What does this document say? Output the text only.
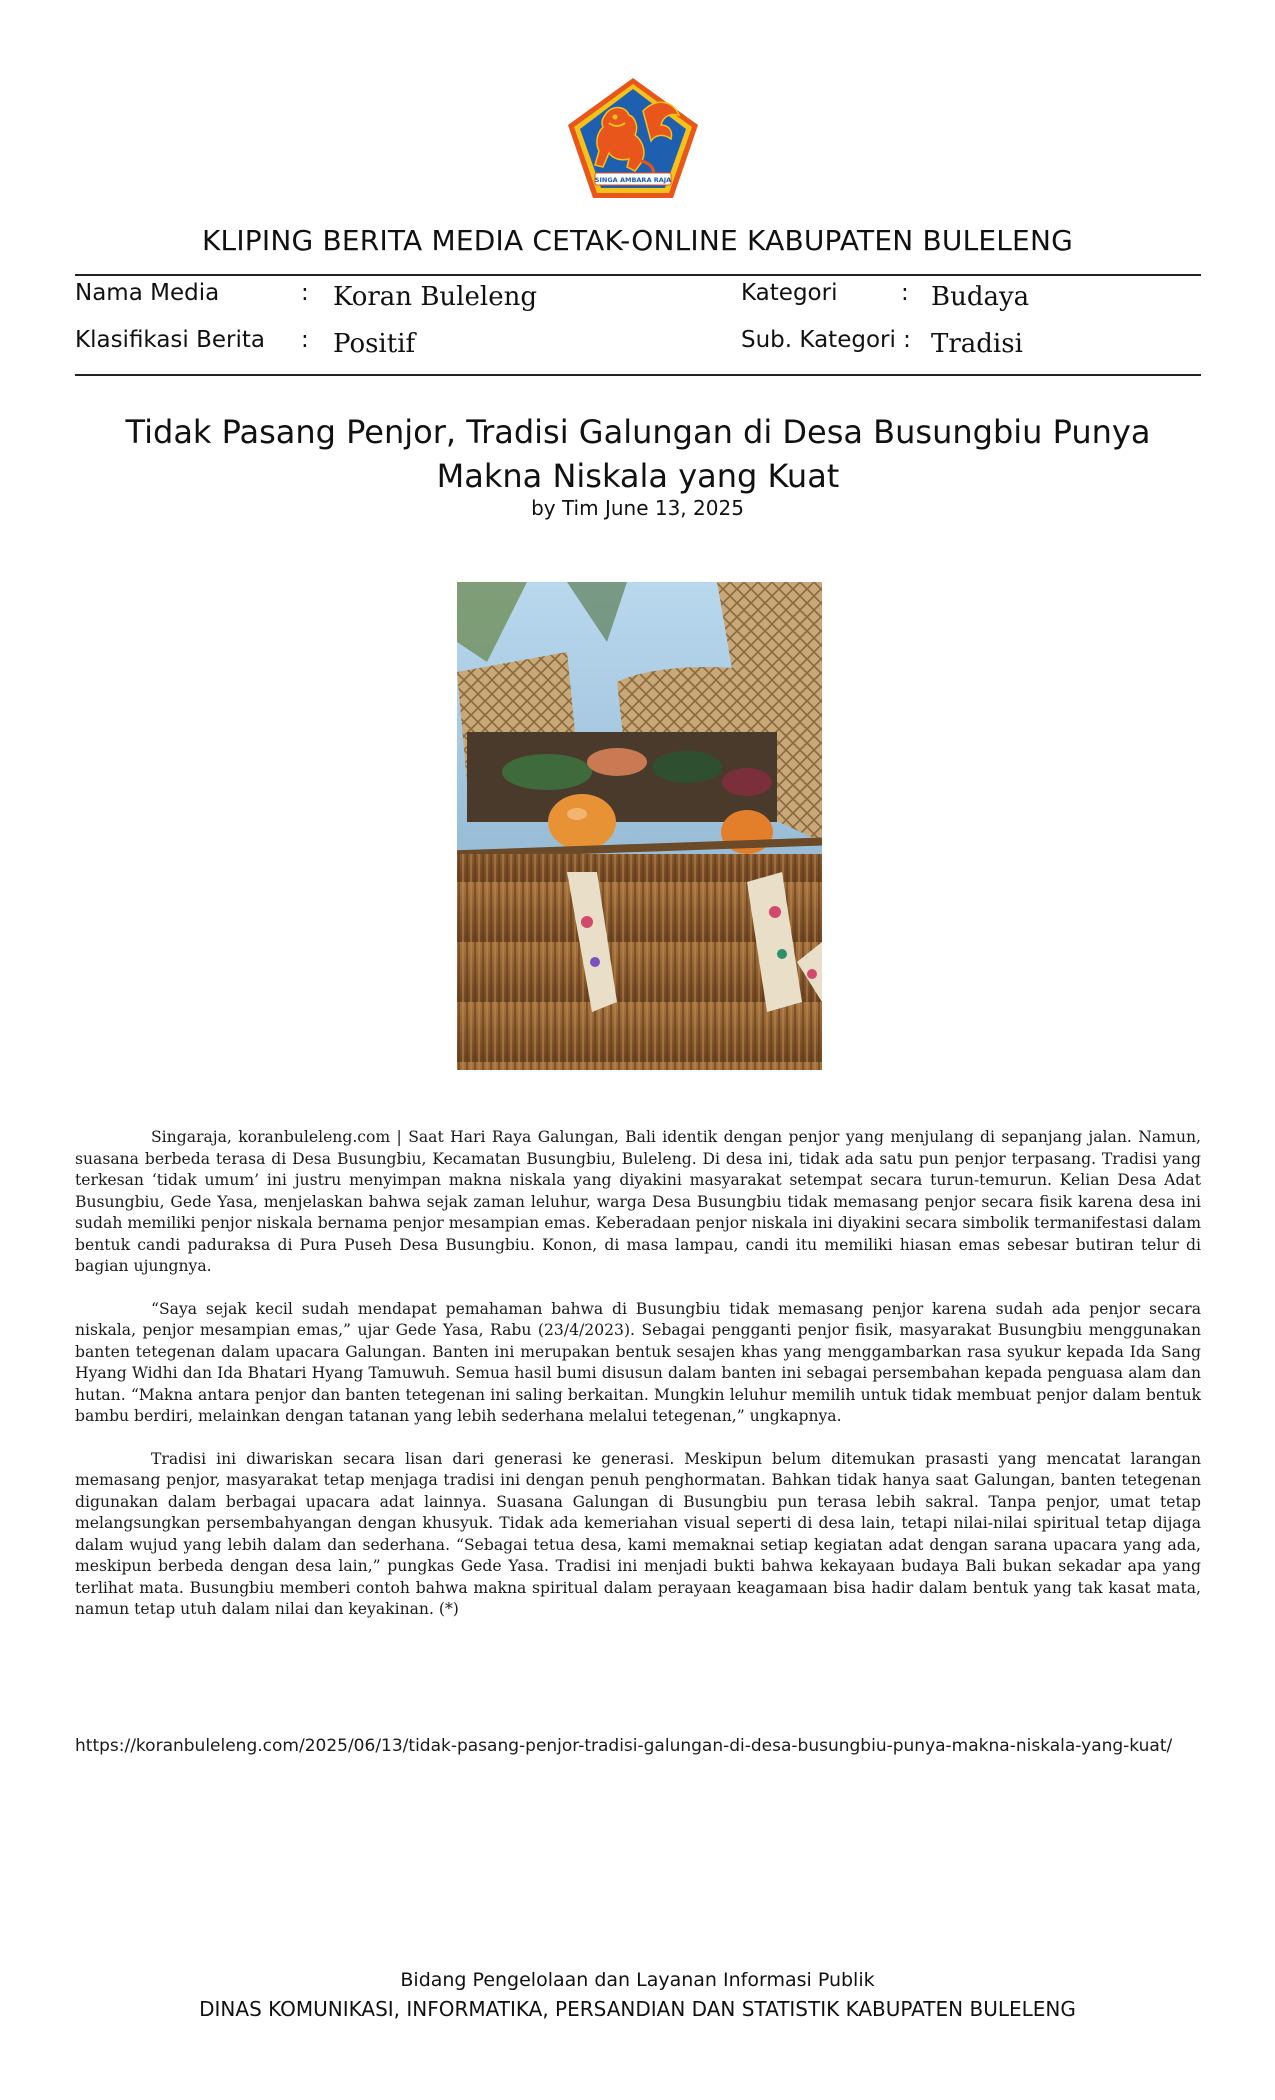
SINGA AMBARA RAJA
KLIPING BERITA MEDIA CETAK-ONLINE KABUPATEN BULELENG
Nama Media	: Koran Buleleng	Kategori	: Budaya
Klasifikasi Berita : Positif	Sub. Kategori : Tradisi
Tidak Pasang Penjor, Tradisi Galungan di Desa Busungbiu Punya Makna Niskala yang Kuat
by Tim June 13, 2025

Singaraja, koranbuleleng.com | Saat Hari Raya Galungan, Bali identik dengan penjor yang menjulang di sepanjang jalan. Namun, suasana berbeda terasa di Desa Busungbiu, Kecamatan Busungbiu, Buleleng. Di desa ini, tidak ada satu pun penjor terpasang. Tradisi yang terkesan ‘tidak umum’ ini justru menyimpan makna niskala yang diyakini masyarakat setempat secara turun-temurun. Kelian Desa Adat Busungbiu, Gede Yasa, menjelaskan bahwa sejak zaman leluhur, warga Desa Busungbiu tidak memasang penjor secara fisik karena desa ini sudah memiliki penjor niskala bernama penjor mesampian emas. Keberadaan penjor niskala ini diyakini secara simbolik termanifestasi dalam bentuk candi paduraksa di Pura Puseh Desa Busungbiu. Konon, di masa lampau, candi itu memiliki hiasan emas sebesar butiran telur di bagian ujungnya.

“Saya sejak kecil sudah mendapat pemahaman bahwa di Busungbiu tidak memasang penjor karena sudah ada penjor secara niskala, penjor mesampian emas,” ujar Gede Yasa, Rabu (23/4/2023). Sebagai pengganti penjor fisik, masyarakat Busungbiu menggunakan banten tetegenan dalam upacara Galungan. Banten ini merupakan bentuk sesajen khas yang menggambarkan rasa syukur kepada Ida Sang Hyang Widhi dan Ida Bhatari Hyang Tamuwuh. Semua hasil bumi disusun dalam banten ini sebagai persembahan kepada penguasa alam dan hutan. “Makna antara penjor dan banten tetegenan ini saling berkaitan. Mungkin leluhur memilih untuk tidak membuat penjor dalam bentuk bambu berdiri, melainkan dengan tatanan yang lebih sederhana melalui tetegenan,” ungkapnya.

Tradisi ini diwariskan secara lisan dari generasi ke generasi. Meskipun belum ditemukan prasasti yang mencatat larangan memasang penjor, masyarakat tetap menjaga tradisi ini dengan penuh penghormatan. Bahkan tidak hanya saat Galungan, banten tetegenan digunakan dalam berbagai upacara adat lainnya. Suasana Galungan di Busungbiu pun terasa lebih sakral. Tanpa penjor, umat tetap melangsungkan persembahyangan dengan khusyuk. Tidak ada kemeriahan visual seperti di desa lain, tetapi nilai-nilai spiritual tetap dijaga dalam wujud yang lebih dalam dan sederhana. “Sebagai tetua desa, kami memaknai setiap kegiatan adat dengan sarana upacara yang ada, meskipun berbeda dengan desa lain,” pungkas Gede Yasa. Tradisi ini menjadi bukti bahwa kekayaan budaya Bali bukan sekadar apa yang terlihat mata. Busungbiu memberi contoh bahwa makna spiritual dalam perayaan keagamaan bisa hadir dalam bentuk yang tak kasat mata, namun tetap utuh dalam nilai dan keyakinan. (*)

https://koranbuleleng.com/2025/06/13/tidak-pasang-penjor-tradisi-galungan-di-desa-busungbiu-punya-makna-niskala-yang-kuat/
Bidang Pengelolaan dan Layanan Informasi Publik
DINAS KOMUNIKASI, INFORMATIKA, PERSANDIAN DAN STATISTIK KABUPATEN BULELENG
